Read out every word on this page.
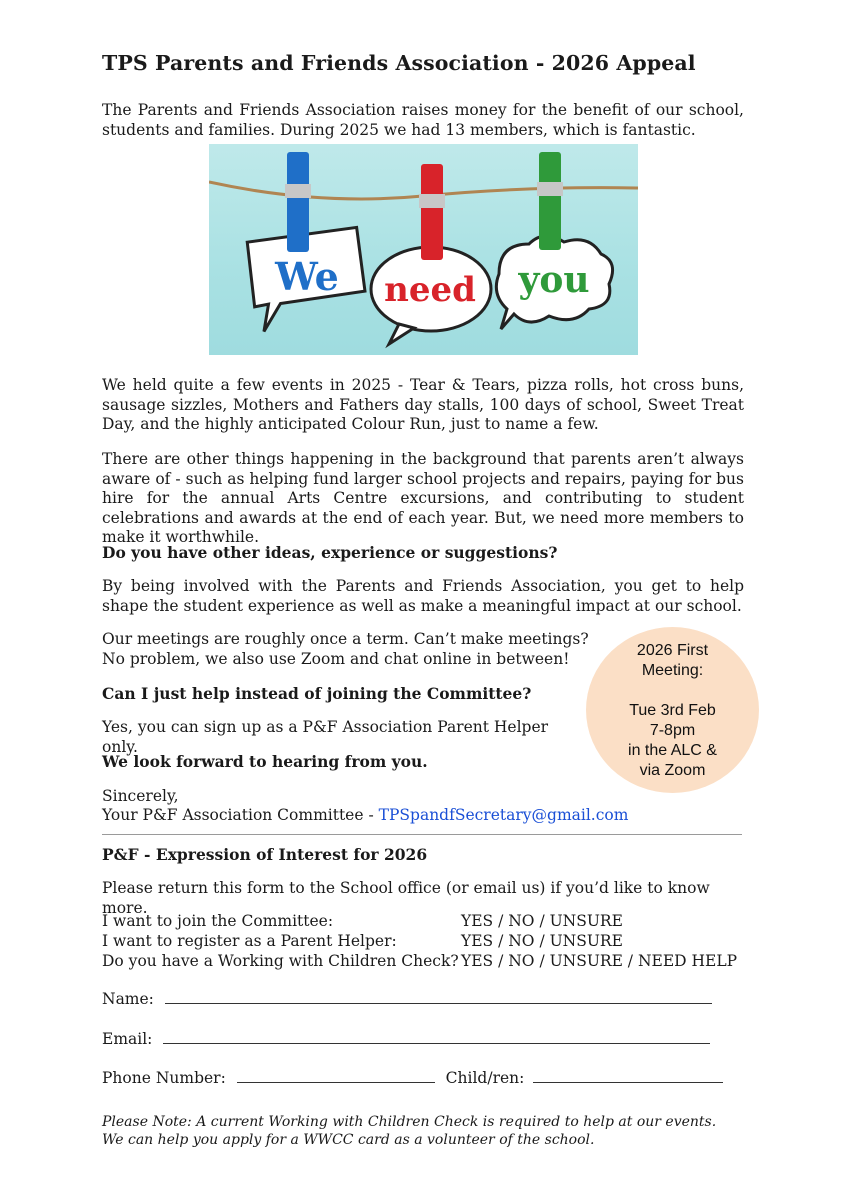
TPS Parents and Friends Association - 2026 Appeal

The Parents and Friends Association raises money for the benefit of our school, students and families. During 2025 we had 13 members, which is fantastic.

We need you

We held quite a few events in 2025 - Tear & Tears, pizza rolls, hot cross buns, sausage sizzles, Mothers and Fathers day stalls, 100 days of school, Sweet Treat Day, and the highly anticipated Colour Run, just to name a few.

There are other things happening in the background that parents aren’t always aware of - such as helping fund larger school projects and repairs, paying for bus hire for the annual Arts Centre excursions, and contributing to student celebrations and awards at the end of each year. But, we need more members to make it worthwhile.

Do you have other ideas, experience or suggestions?

By being involved with the Parents and Friends Association, you get to help shape the student experience as well as make a meaningful impact at our school.

Our meetings are roughly once a term. Can’t make meetings?

No problem, we also use Zoom and chat online in between!

Can I just help instead of joining the Committee?

Yes, you can sign up as a P&F Association Parent Helper only.

We look forward to hearing from you.

Sincerely,

Your P&F Association Committee - TPSpandfSecretary@gmail.com

2026 First
Meeting:
Tue 3rd Feb
7-8pm
in the ALC &
via Zoom

P&F - Expression of Interest for 2026

Please return this form to the School office (or email us) if you’d like to know more.

I want to join the Committee:	YES / NO / UNSURE
I want to register as a Parent Helper:	YES / NO / UNSURE
Do you have a Working with Children Check? YES / NO / UNSURE / NEED HELP
Name:
Email:
Phone Number:	Child/ren:
Please Note: A current Working with Children Check is required to help at our events.
We can help you apply for a WWCC card as a volunteer of the school.
